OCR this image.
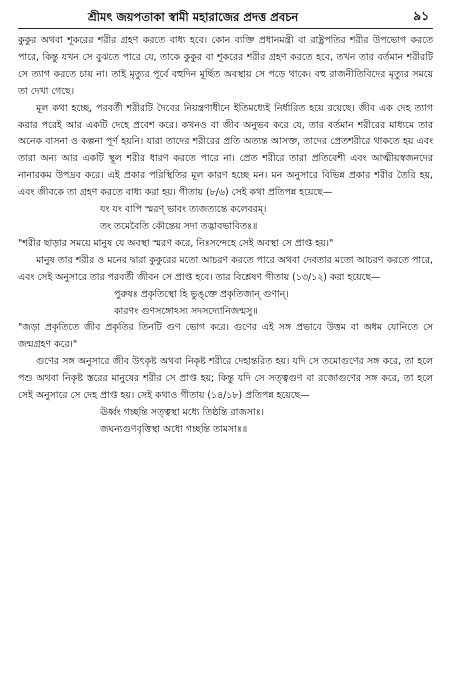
শ্রীমৎ জয়পতাকা স্বামী মহারাজের প্রদত্ত প্রবচন	৯১

কুকুর অথবা শূকরের শরীর গ্রহণ করতে বাধ্য হবে। কোন ব্যক্তি প্রধানমন্ত্রী বা রাষ্ট্রপতির শরীর উপভোগ করতে পারে, কিন্তু যখন সে বুঝতে পারে যে, তাকে কুকুর বা শূকরের শরীর গ্রহণ করতে হবে, তখন তার বর্তমান শরীরটি সে ত্যাগ করতে চায় না। তাই মৃত্যুর পূর্বে বহুদিন মূর্ছিত অবস্থায় সে পড়ে থাকে। বহু রাজনীতিবিদের মৃত্যুর সময়ে তা দেখা গেছে।

মূল কথা হচ্ছে, পরবর্তী শরীরটি দৈবের নিয়ন্ত্রণাধীনে ইতিমধ্যেই নির্ধারিত হয়ে রয়েছে। জীব এক দেহ ত্যাগ করার পরেই আর একটি দেহে প্রবেশ করে। কখনও বা জীব অনুভব করে যে, তার বর্তমান শরীরের মাধ্যমে তার অনেক বাসনা ও কল্পনা পূর্ণ হয়নি। যারা তাদের শরীরের প্রতি অত্যন্ত আসক্ত, তাদের প্রেতশরীরে থাকতে হয় এবং তারা অন্য আর একটি স্থূল শরীর ধারণ করতে পারে না। প্রেত শরীরে তারা প্রতিবেশী এবং আত্মীয়স্বজনদের নানারকম উপদ্রব করে। এই প্রকার পরিস্থিতির মূল কারণ হচ্ছে মন। মন অনুসারে বিভিন্ন প্রকার শরীর তৈরি হয়, এবং জীবকে তা গ্রহণ করতে বাধ্য করা হয়। গীতায় (৮/৬) সেই কথা প্রতিপন্ন হয়েছে—

যং যং বাপি স্মরণ্ ভাবং ত্যজত্যন্তে কলেবরম্।

তং তমেবৈতি কৌন্তেয় সদা তদ্ভাবভাবিতঃ॥

"শরীর ছাড়ার সময়ে মানুষ যে অবস্থা স্মরণ করে, নিঃসন্দেহে সেই অবস্থা সে প্রাপ্ত হয়।"

মানুষ তার শরীর ও মনের দ্বারা কুকুরের মতো আচরণ করতে পারে অথবা দেবতার মতো আচরণ করতে পারে, এবং সেই অনুসারে তার পরবর্তী জীবন সে প্রাপ্ত হবে। তার বিশ্লেষণ গীতায় (১৩/১২) করা হয়েছে—

পুরুষঃ প্রকৃতিস্থো হি ভুঙ্‌ক্তে প্রকৃতিজান্ গুণান্।

কারণং গুণসঙ্গোঽস্য সদসদ্যোনিজন্মসু॥

"জড়া প্রকৃতিতে জীব প্রকৃতির তিনটি গুণ ভোগ করে। গুণের এই সঙ্গ প্রভাবে উত্তম বা অধম যোনিতে সে জন্মগ্রহণ করে।"

গুণের সঙ্গ অনুসারে জীব উৎকৃষ্ট অথবা নিকৃষ্ট শরীরে দেহান্তরিত হয়। যদি সে তমোগুণের সঙ্গ করে, তা হলে পশু অথবা নিকৃষ্ট স্তরের মানুষের শরীর সে প্রাপ্ত হয়; কিন্তু যদি সে সত্ত্বগুণ বা রজোগুণের সঙ্গ করে, তা হলে সেই অনুসারে সে দেহ প্রাপ্ত হয়। সেই কথাও গীতায় (১৪/১৮) প্রতিপন্ন হয়েছে—

ঊর্ধ্বং গচ্ছন্তি সত্ত্বস্থা মধ্যে তিষ্ঠন্তি রাজসাঃ।

জঘন্যগুণবৃত্তিস্থা অধো গচ্ছন্তি তামসাঃ॥
